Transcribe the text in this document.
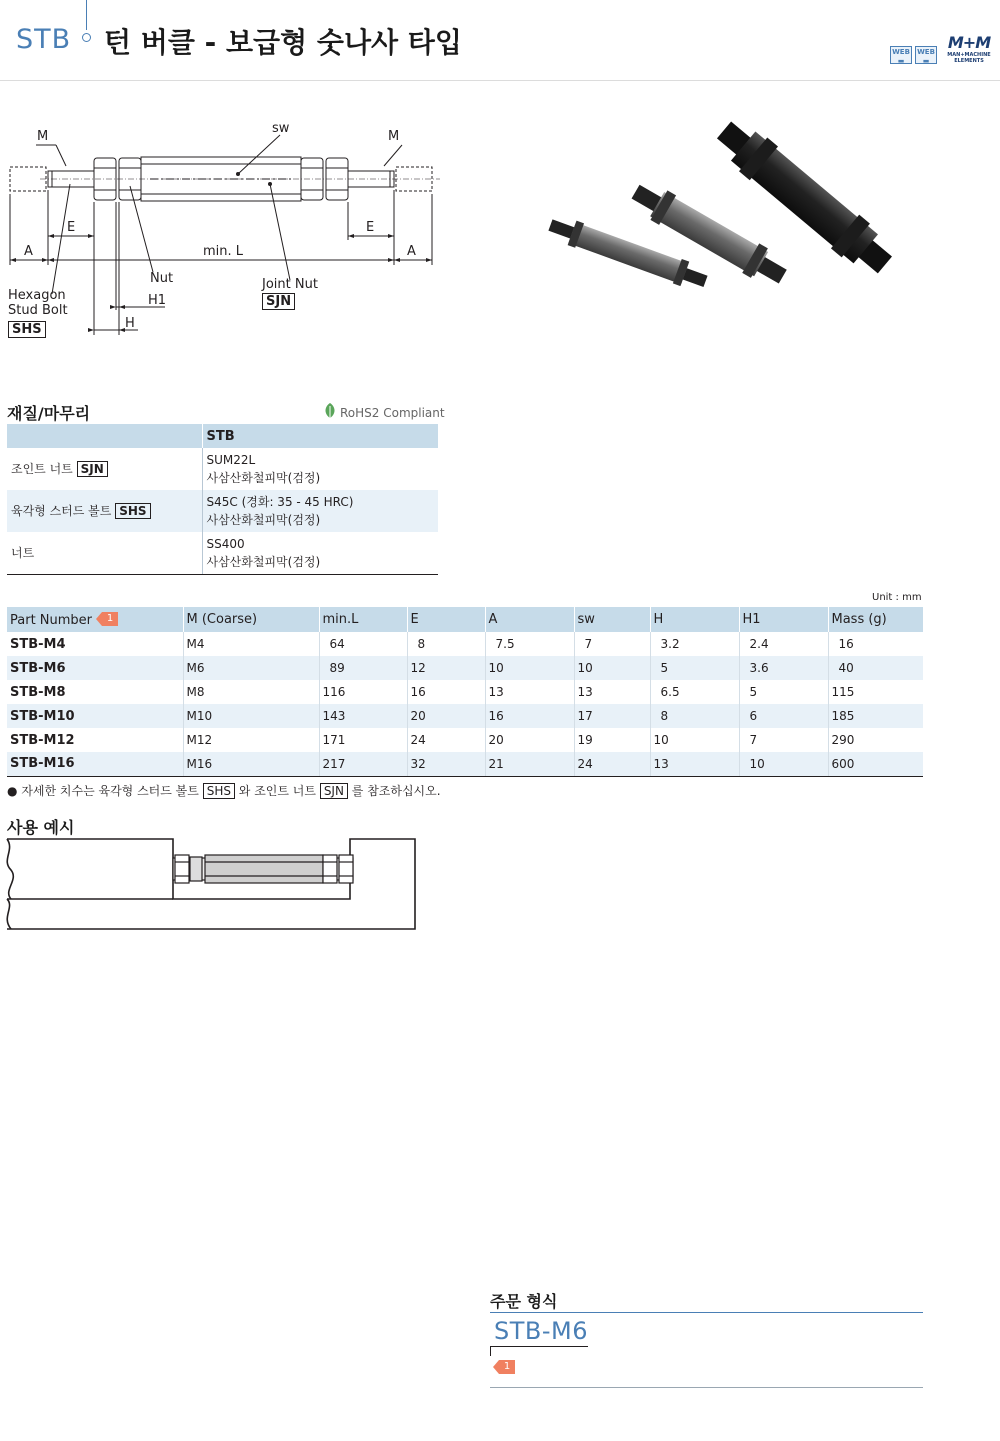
STB 턴 버클 - 보급형 숫나사 타입	WEB
▬
WEB
▬
M+M
MAN+MACHINE ELEMENTS
M	M
sw
E	E
A	A
min. L
Nut
H1
H
Hexagon
Stud Bolt
SHS
Joint Nut
SJN
재질/마무리	RoHS2 Compliant
	STB
조인트 너트 SJN	SUM22L
사삼산화철피막(검정)

육각형 스터드 볼트 SHS	S45C (경화: 35 - 45 HRC)
사삼산화철피막(검정)

너트	SS400
사삼산화철피막(검정)
Unit : mm
Part Number 1	M (Coarse)	min.L	E	A	sw	H	H1	Mass (g)
STB-M4	M4	64	8	7.5	7	3.2	2.4	16
STB-M6	M6	89	12	10	10	5	3.6	40
STB-M8	M8	116	16	13	13	6.5	5	115
STB-M10	M10	143	20	16	17	8	6	185
STB-M12	M12	171	24	20	19	10	7	290
STB-M16	M16	217	32	21	24	13	10	600
● 자세한 치수는 육각형 스터드 볼트 SHS 와 조인트 너트 SJN 를 참조하십시오.
사용 예시
주문 형식
STB-M6
1
